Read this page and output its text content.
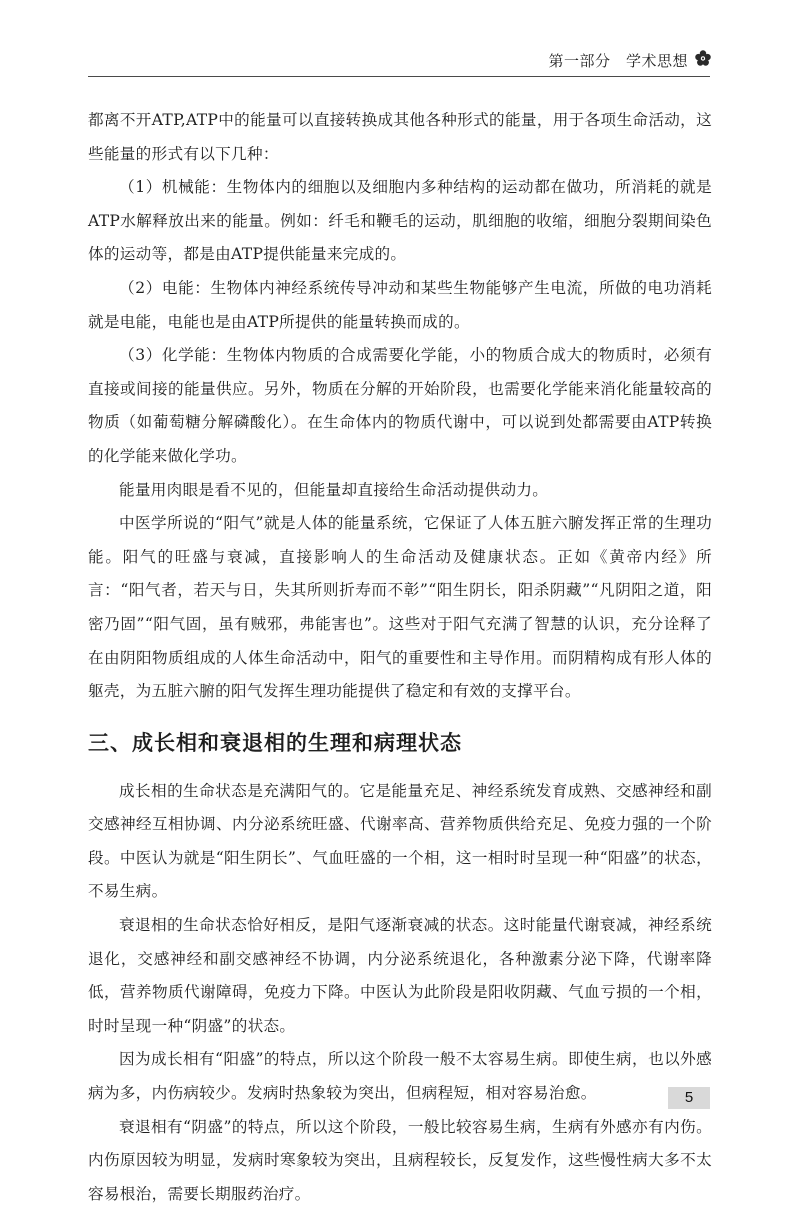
第一部分　学术思想

都离不开ATP,ATP中的能量可以直接转换成其他各种形式的能量，用于各项生命活动，这些能量的形式有以下几种：

（1）机械能：生物体内的细胞以及细胞内多种结构的运动都在做功，所消耗的就是ATP水解释放出来的能量。例如：纤毛和鞭毛的运动，肌细胞的收缩，细胞分裂期间染色体的运动等，都是由ATP提供能量来完成的。

（2）电能：生物体内神经系统传导冲动和某些生物能够产生电流，所做的电功消耗就是电能，电能也是由ATP所提供的能量转换而成的。

（3）化学能：生物体内物质的合成需要化学能，小的物质合成大的物质时，必须有直接或间接的能量供应。另外，物质在分解的开始阶段，也需要化学能来消化能量较高的物质（如葡萄糖分解磷酸化）。在生命体内的物质代谢中，可以说到处都需要由ATP转换的化学能来做化学功。

能量用肉眼是看不见的，但能量却直接给生命活动提供动力。

中医学所说的“阳气”就是人体的能量系统，它保证了人体五脏六腑发挥正常的生理功能。阳气的旺盛与衰减，直接影响人的生命活动及健康状态。正如《黄帝内经》所言：“阳气者，若天与日，失其所则折寿而不彰”“阳生阴长，阳杀阴藏”“凡阴阳之道，阳密乃固”“阳气固，虽有贼邪，弗能害也”。这些对于阳气充满了智慧的认识，充分诠释了在由阴阳物质组成的人体生命活动中，阳气的重要性和主导作用。而阴精构成有形人体的躯壳，为五脏六腑的阳气发挥生理功能提供了稳定和有效的支撑平台。

三、成长相和衰退相的生理和病理状态

成长相的生命状态是充满阳气的。它是能量充足、神经系统发育成熟、交感神经和副交感神经互相协调、内分泌系统旺盛、代谢率高、营养物质供给充足、免疫力强的一个阶段。中医认为就是“阳生阴长”、气血旺盛的一个相，这一相时时呈现一种“阳盛”的状态，不易生病。

衰退相的生命状态恰好相反，是阳气逐渐衰减的状态。这时能量代谢衰减，神经系统退化，交感神经和副交感神经不协调，内分泌系统退化，各种激素分泌下降，代谢率降低，营养物质代谢障碍，免疫力下降。中医认为此阶段是阳收阴藏、气血亏损的一个相，时时呈现一种“阴盛”的状态。

因为成长相有“阳盛”的特点，所以这个阶段一般不太容易生病。即使生病，也以外感病为多，内伤病较少。发病时热象较为突出，但病程短，相对容易治愈。

衰退相有“阴盛”的特点，所以这个阶段，一般比较容易生病，生病有外感亦有内伤。内伤原因较为明显，发病时寒象较为突出，且病程较长，反复发作，这些慢性病大多不太容易根治，需要长期服药治疗。

5
